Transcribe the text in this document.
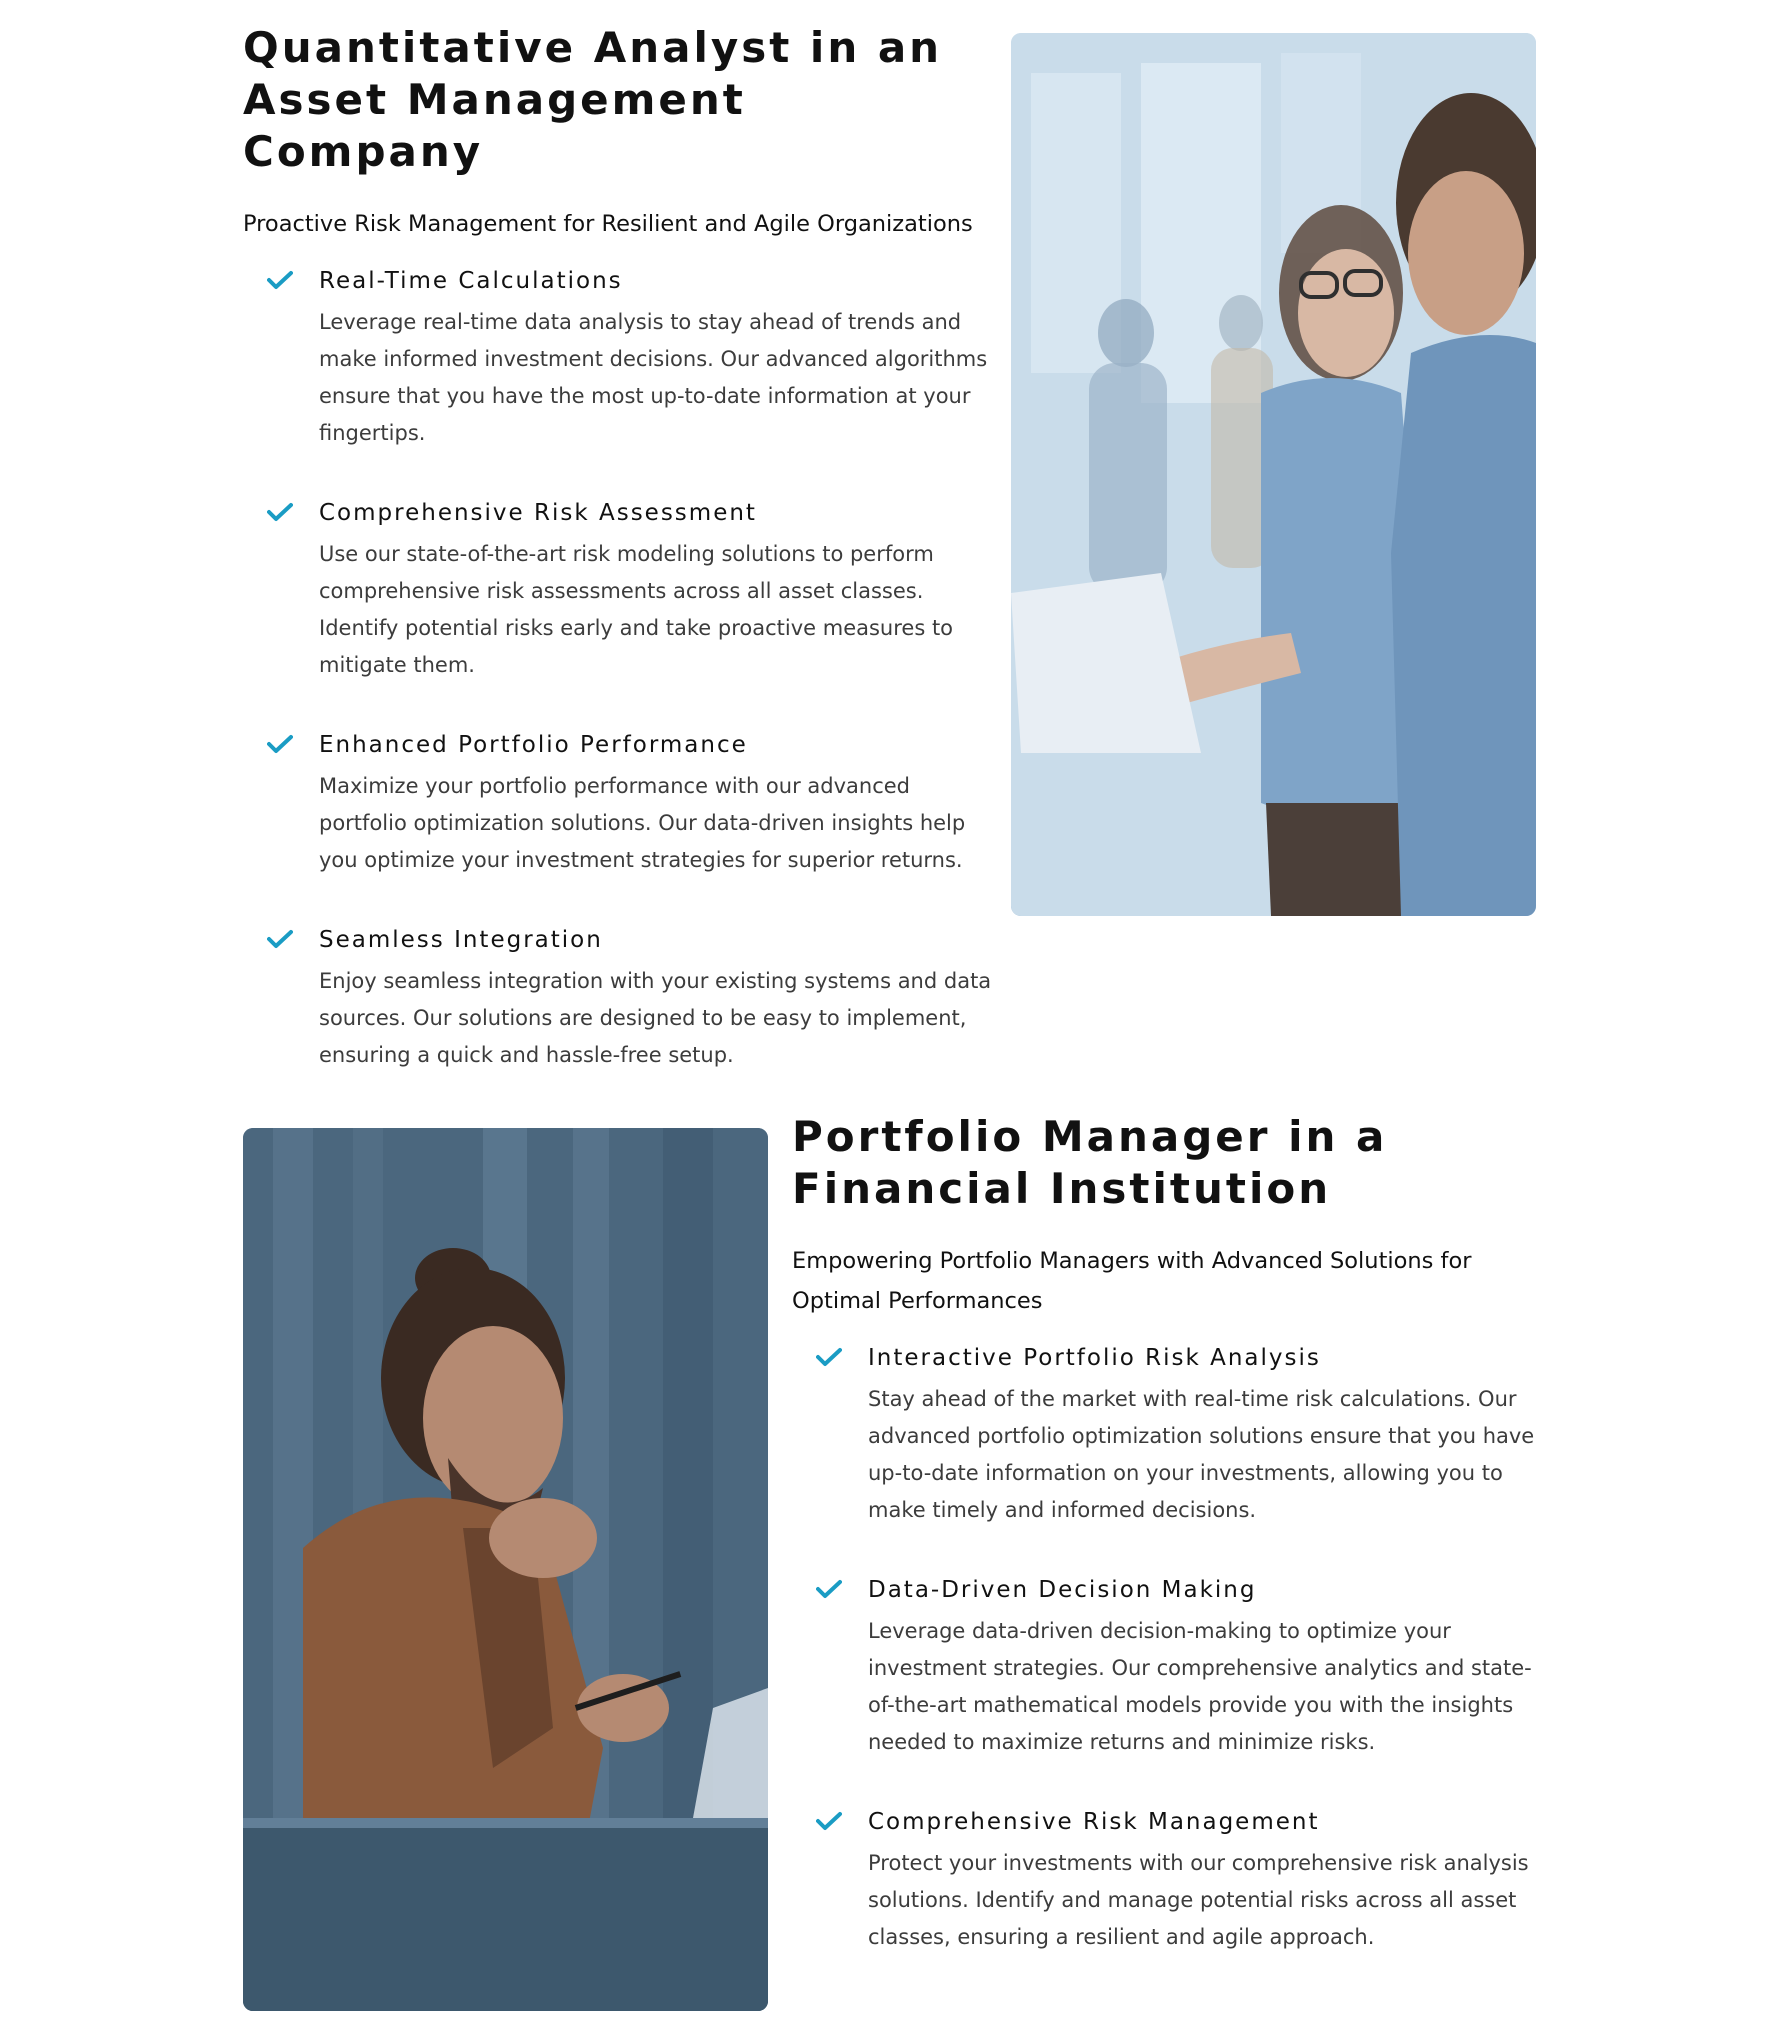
Quantitative Analyst in an Asset Management Company

Proactive Risk Management for Resilient and Agile Organizations

Real-Time Calculations

Leverage real-time data analysis to stay ahead of trends and make informed investment decisions. Our advanced algorithms ensure that you have the most up-to-date information at your fingertips.

Comprehensive Risk Assessment

Use our state-of-the-art risk modeling solutions to perform comprehensive risk assessments across all asset classes. Identify potential risks early and take proactive measures to mitigate them.

Enhanced Portfolio Performance

Maximize your portfolio performance with our advanced portfolio optimization solutions. Our data-driven insights help you optimize your investment strategies for superior returns.

Seamless Integration

Enjoy seamless integration with your existing systems and data sources. Our solutions are designed to be easy to implement, ensuring a quick and hassle-free setup.

Portfolio Manager in a Financial Institution

Empowering Portfolio Managers with Advanced Solutions for Optimal Performances

Interactive Portfolio Risk Analysis

Stay ahead of the market with real-time risk calculations. Our advanced portfolio optimization solutions ensure that you have up-to-date information on your investments, allowing you to make timely and informed decisions.

Data-Driven Decision Making

Leverage data-driven decision-making to optimize your investment strategies. Our comprehensive analytics and state-of-the-art mathematical models provide you with the insights needed to maximize returns and minimize risks.

Comprehensive Risk Management

Protect your investments with our comprehensive risk analysis solutions. Identify and manage potential risks across all asset classes, ensuring a resilient and agile approach.
